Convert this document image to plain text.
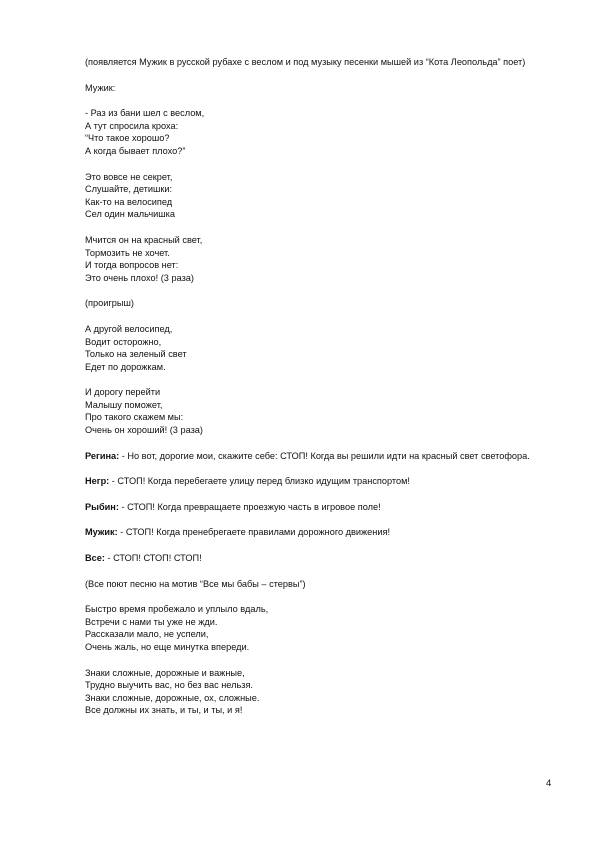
(появляется Мужик в русской рубахе с веслом и под музыку песенки мышей из “Кота Леопольда” поет)

Мужик:

- Раз из бани шел с веслом,
А тут спросила кроха:
“Что такое хорошо?
А когда бывает плохо?”

Это вовсе не секрет,
Слушайте, детишки:
Как-то на велосипед
Сел один мальчишка

Мчится он на красный свет,
Тормозить не хочет.
И тогда вопросов нет:
Это очень плохо! (3 раза)

(проигрыш)

А другой велосипед,
Водит осторожно,
Только на зеленый свет
Едет по дорожкам.

И дорогу перейти
Малышу поможет,
Про такого скажем мы:
Очень он хороший! (3 раза)

Регина: - Но вот, дорогие мои, скажите себе: СТОП! Когда вы решили идти на красный свет светофора.

Негр: - СТОП! Когда перебегаете улицу перед близко идущим транспортом!

Рыбин: - СТОП! Когда превращаете проезжую часть в игровое поле!

Мужик: - СТОП! Когда пренебрегаете правилами дорожного движения!

Все: - СТОП! СТОП! СТОП!

(Все поют песню на мотив “Все мы бабы – стервы”)

Быстро время пробежало и уплыло вдаль,
Встречи с нами ты уже не жди.
Рассказали мало, не успели,
Очень жаль, но еще минутка впереди.

Знаки сложные, дорожные и важные,
Трудно выучить вас, но без вас нельзя.
Знаки сложные, дорожные, ох, сложные.
Все должны их знать, и ты, и ты, и я!

4
